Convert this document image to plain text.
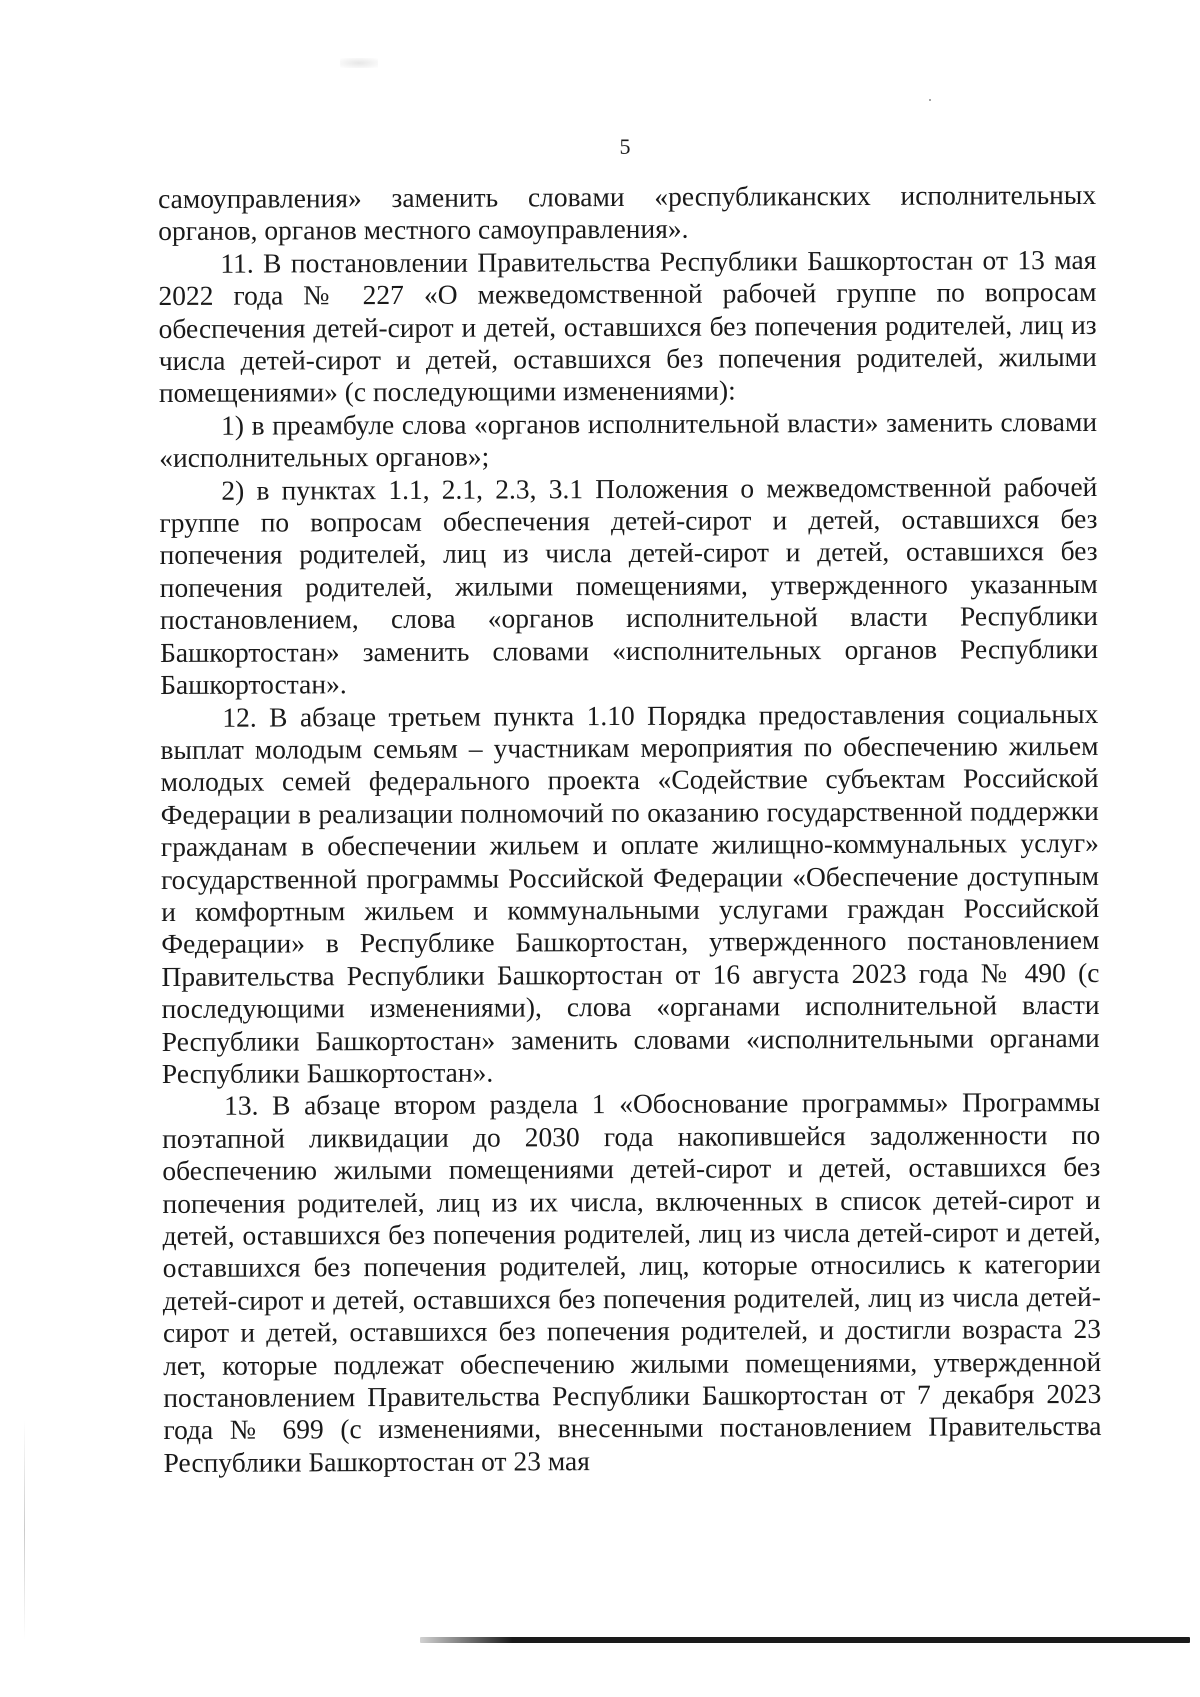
5

самоуправления» заменить словами «республиканских исполнительных органов, органов местного самоуправления».

11. В постановлении Правительства Республики Башкортостан от 13 мая 2022 года № 227 «О межведомственной рабочей группе по вопросам обеспечения детей-сирот и детей, оставшихся без попечения родителей, лиц из числа детей-сирот и детей, оставшихся без попечения родителей, жилыми помещениями» (с последующими изменениями):

1) в преамбуле слова «органов исполнительной власти» заменить словами «исполнительных органов»;

2) в пунктах 1.1, 2.1, 2.3, 3.1 Положения о межведомственной рабочей группе по вопросам обеспечения детей-сирот и детей, оставшихся без попечения родителей, лиц из числа детей-сирот и детей, оставшихся без попечения родителей, жилыми помещениями, утвержденного указанным постановлением, слова «органов исполнительной власти Республики Башкортостан» заменить словами «исполнительных органов Республики Башкортостан».

12. В абзаце третьем пункта 1.10 Порядка предоставления социальных выплат молодым семьям – участникам мероприятия по обеспечению жильем молодых семей федерального проекта «Содействие субъектам Российской Федерации в реализации полномочий по оказанию государственной поддержки гражданам в обеспечении жильем и оплате жилищно-коммунальных услуг» государственной программы Российской Федерации «Обеспечение доступным и комфортным жильем и коммунальными услугами граждан Российской Федерации» в Республике Башкортостан, утвержденного постановлением Правительства Республики Башкортостан от 16 августа 2023 года № 490 (с последующими изменениями), слова «органами исполнительной власти Республики Башкортостан» заменить словами «исполнительными органами Республики Башкортостан».

13. В абзаце втором раздела 1 «Обоснование программы» Программы поэтапной ликвидации до 2030 года накопившейся задолженности по обеспечению жилыми помещениями детей-сирот и детей, оставшихся без попечения родителей, лиц из их числа, включенных в список детей-сирот и детей, оставшихся без попечения родителей, лиц из числа детей-сирот и детей, оставшихся без попечения родителей, лиц, которые относились к категории детей-сирот и детей, оставшихся без попечения родителей, лиц из числа детей-сирот и детей, оставшихся без попечения родителей, и достигли возраста 23 лет, которые подлежат обеспечению жилыми помещениями, утвержденной постановлением Правительства Республики Башкортостан от 7 декабря 2023 года № 699 (с изменениями, внесенными постановлением Правительства Республики Башкортостан от 23 мая
